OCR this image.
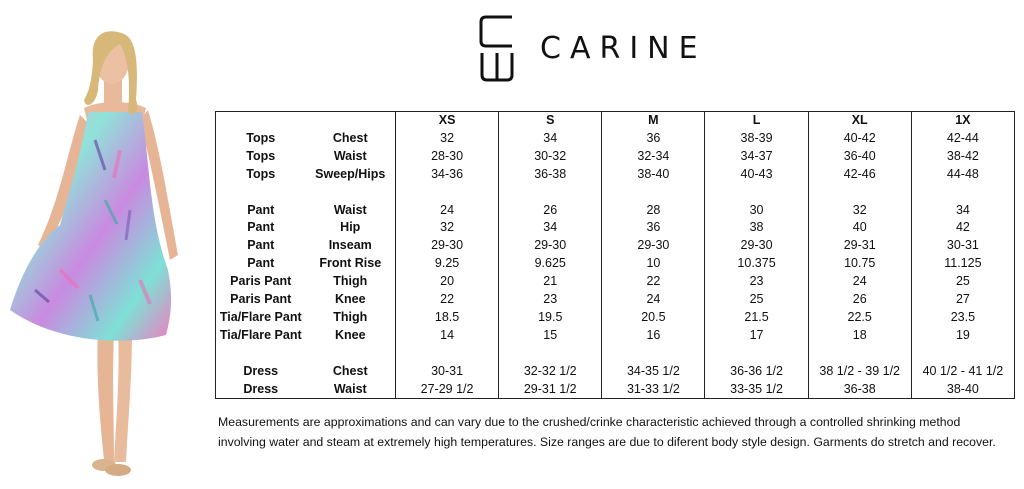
CARINE
		XS	S	M	L	XL	1X
Tops	Chest	32	34	36	38-39	40-42	42-44
Tops	Waist	28-30	30-32	32-34	34-37	36-40	38-42
Tops	Sweep/Hips	34-36	36-38	38-40	40-43	42-46	44-48

Pant	Waist	24	26	28	30	32	34
Pant	Hip	32	34	36	38	40	42
Pant	Inseam	29-30	29-30	29-30	29-30	29-31	30-31
Pant	Front Rise	9.25	9.625	10	10.375	10.75	11.125
Paris Pant	Thigh	20	21	22	23	24	25
Paris Pant	Knee	22	23	24	25	26	27
Tia/Flare Pant	Thigh	18.5	19.5	20.5	21.5	22.5	23.5
Tia/Flare Pant	Knee	14	15	16	17	18	19

Dress	Chest	30-31	32-32 1/2	34-35 1/2	36-36 1/2	38 1/2 - 39 1/2	40 1/2 - 41 1/2
Dress	Waist	27-29 1/2	29-31 1/2	31-33 1/2	33-35 1/2	36-38	38-40

Measurements are approximations and can vary due to the crushed/crinke characteristic achieved through a controlled shrinking method

involving water and steam at extremely high temperatures. Size ranges are due to diferent body style design. Garments do stretch and recover.
